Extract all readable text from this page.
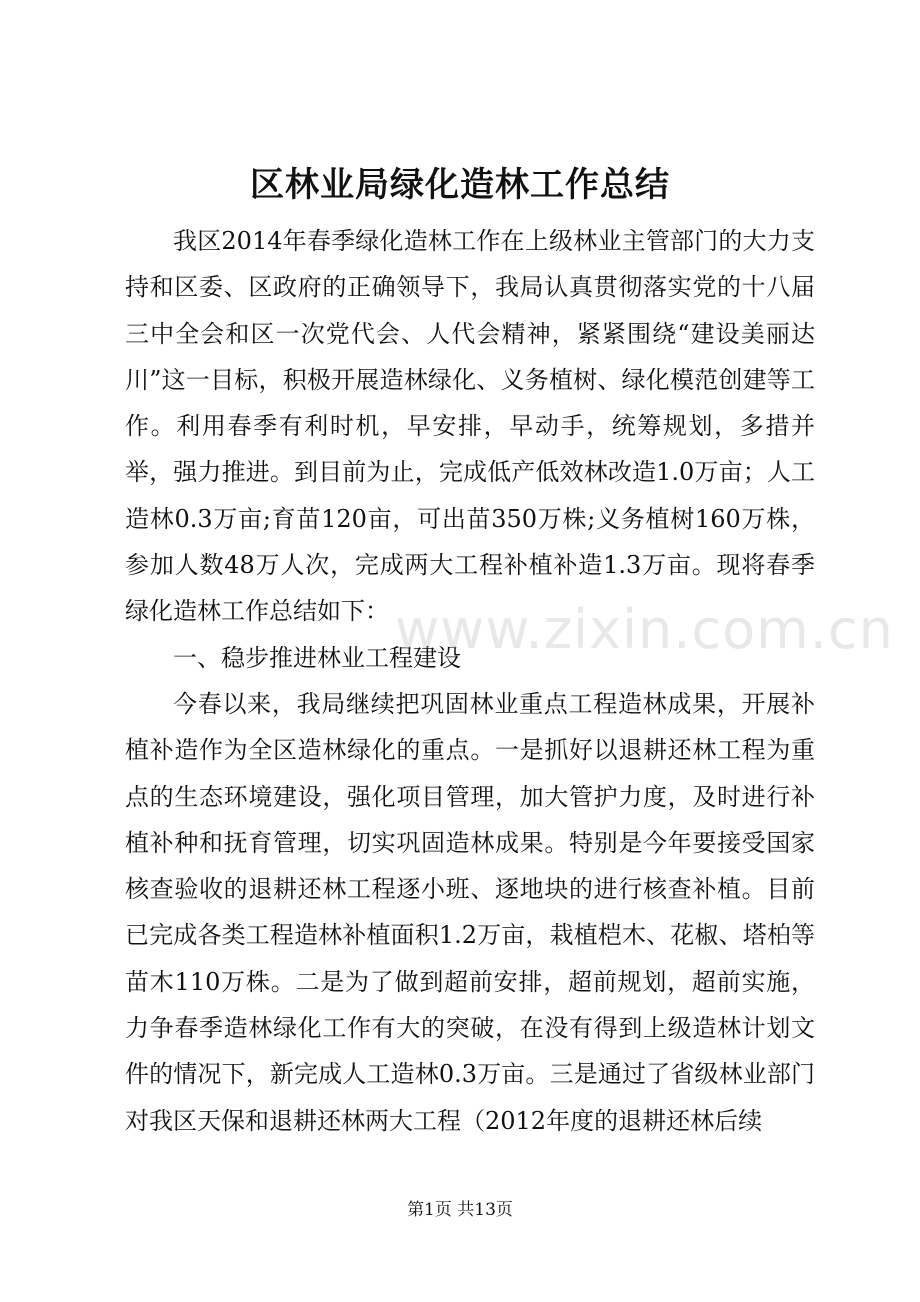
区林业局绿化造林工作总结

我区2014年春季绿化造林工作在上级林业主管部门的大力支持和区委、区政府的正确领导下，我局认真贯彻落实党的十八届三中全会和区一次党代会、人代会精神，紧紧围绕“建设美丽达川”这一目标，积极开展造林绿化、义务植树、绿化模范创建等工作。利用春季有利时机，早安排，早动手，统筹规划，多措并举，强力推进。到目前为止，完成低产低效林改造1.0万亩；人工造林0.3万亩;育苗120亩，可出苗350万株;义务植树160万株，参加人数48万人次，完成两大工程补植补造1.3万亩。现将春季绿化造林工作总结如下：

一、稳步推进林业工程建设

今春以来，我局继续把巩固林业重点工程造林成果，开展补植补造作为全区造林绿化的重点。一是抓好以退耕还林工程为重点的生态环境建设，强化项目管理，加大管护力度，及时进行补植补种和抚育管理，切实巩固造林成果。特别是今年要接受国家核查验收的退耕还林工程逐小班、逐地块的进行核查补植。目前已完成各类工程造林补植面积1.2万亩，栽植桤木、花椒、塔柏等苗木110万株。二是为了做到超前安排，超前规划，超前实施，力争春季造林绿化工作有大的突破，在没有得到上级造林计划文件的情况下，新完成人工造林0.3万亩。三是通过了省级林业部门对我区天保和退耕还林两大工程（2012年度的退耕还林后续

www.zixin.com.cn
第1页 共13页
